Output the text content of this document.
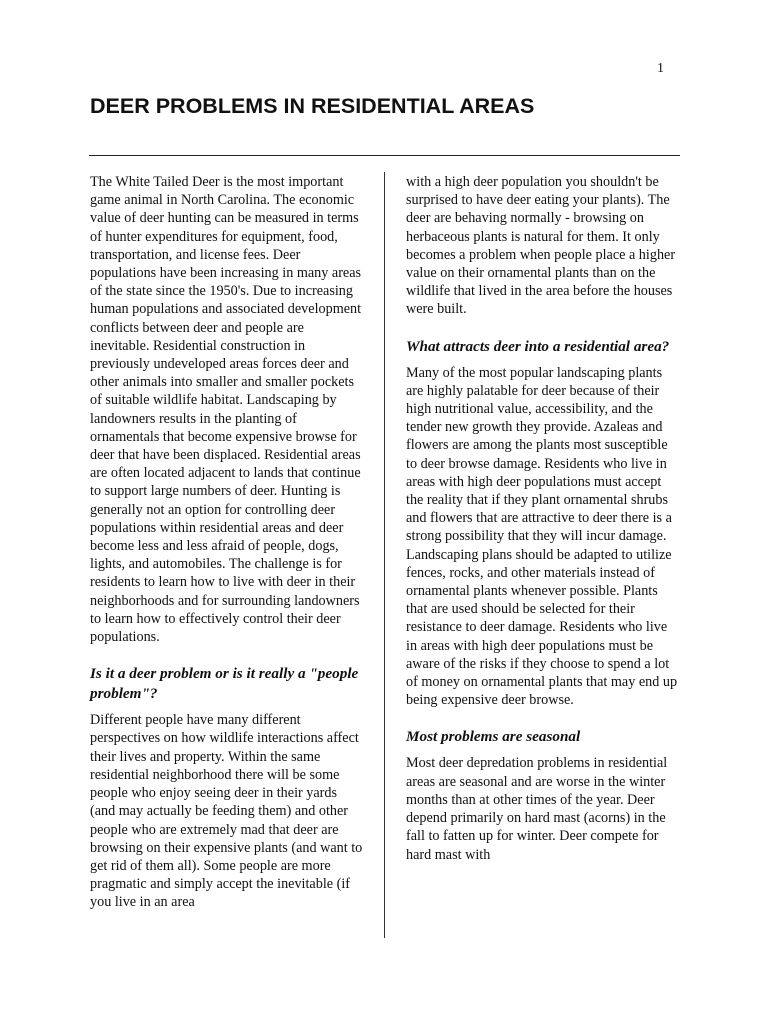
1
DEER PROBLEMS IN RESIDENTIAL AREAS

The White Tailed Deer is the most important game animal in North Carolina. The economic value of deer hunting can be measured in terms of hunter expenditures for equipment, food, transportation, and license fees. Deer populations have been increasing in many areas of the state since the 1950's. Due to increasing human populations and associated development conflicts between deer and people are inevitable. Residential construction in previously undeveloped areas forces deer and other animals into smaller and smaller pockets of suitable wildlife habitat. Landscaping by landowners results in the planting of ornamentals that become expensive browse for deer that have been displaced. Residential areas are often located adjacent to lands that continue to support large numbers of deer. Hunting is generally not an option for controlling deer populations within residential areas and deer become less and less afraid of people, dogs, lights, and automobiles. The challenge is for residents to learn how to live with deer in their neighborhoods and for surrounding landowners to learn how to effectively control their deer populations.

Is it a deer problem or is it really a "people problem"?

Different people have many different perspectives on how wildlife interactions affect their lives and property. Within the same residential neighborhood there will be some people who enjoy seeing deer in their yards (and may actually be feeding them) and other people who are extremely mad that deer are browsing on their expensive plants (and want to get rid of them all). Some people are more pragmatic and simply accept the inevitable (if you live in an area

with a high deer population you shouldn't be surprised to have deer eating your plants). The deer are behaving normally - browsing on herbaceous plants is natural for them. It only becomes a problem when people place a higher value on their ornamental plants than on the wildlife that lived in the area before the houses were built.

What attracts deer into a residential area?

Many of the most popular landscaping plants are highly palatable for deer because of their high nutritional value, accessibility, and the tender new growth they provide. Azaleas and flowers are among the plants most susceptible to deer browse damage. Residents who live in areas with high deer populations must accept the reality that if they plant ornamental shrubs and flowers that are attractive to deer there is a strong possibility that they will incur damage. Landscaping plans should be adapted to utilize fences, rocks, and other materials instead of ornamental plants whenever possible. Plants that are used should be selected for their resistance to deer damage. Residents who live in areas with high deer populations must be aware of the risks if they choose to spend a lot of money on ornamental plants that may end up being expensive deer browse.

Most problems are seasonal

Most deer depredation problems in residential areas are seasonal and are worse in the winter months than at other times of the year. Deer depend primarily on hard mast (acorns) in the fall to fatten up for winter. Deer compete for hard mast with
